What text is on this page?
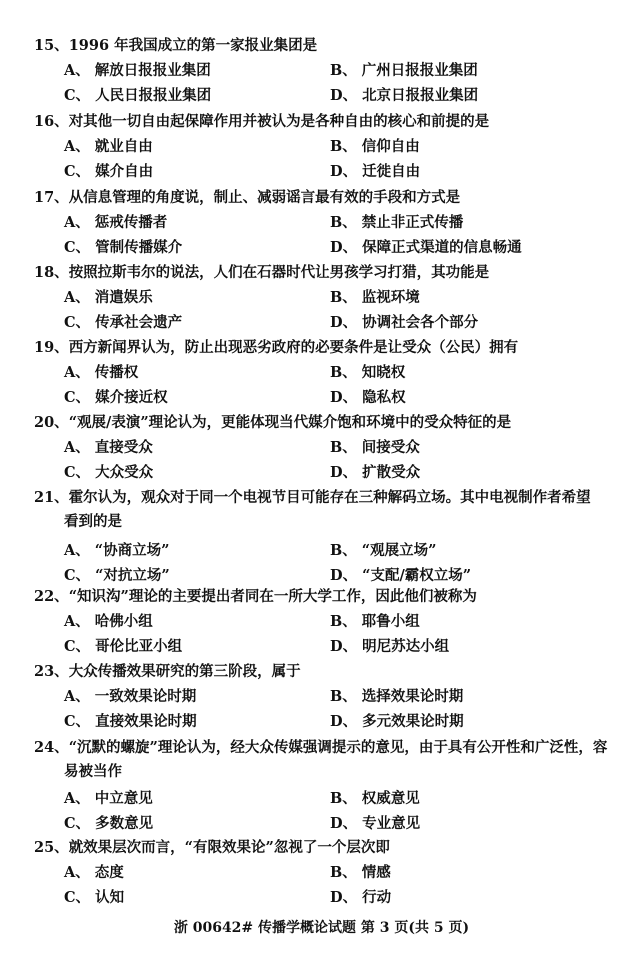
15、1996 年我国成立的第一家报业集团是
A、 解放日报报业集团	B、 广州日报报业集团
C、 人民日报报业集团	D、 北京日报报业集团
16、对其他一切自由起保障作用并被认为是各种自由的核心和前提的是
A、 就业自由	B、 信仰自由
C、 媒介自由	D、 迁徙自由
17、从信息管理的角度说，制止、减弱谣言最有效的手段和方式是
A、 惩戒传播者	B、 禁止非正式传播
C、 管制传播媒介	D、 保障正式渠道的信息畅通
18、按照拉斯韦尔的说法，人们在石器时代让男孩学习打猎，其功能是
A、 消遣娱乐	B、 监视环境
C、 传承社会遗产	D、 协调社会各个部分
19、西方新闻界认为，防止出现恶劣政府的必要条件是让受众（公民）拥有
A、 传播权	B、 知晓权
C、 媒介接近权	D、 隐私权
20、“观展/表演”理论认为，更能体现当代媒介饱和环境中的受众特征的是
A、 直接受众	B、 间接受众
C、 大众受众	D、 扩散受众
21、霍尔认为，观众对于同一个电视节目可能存在三种解码立场。其中电视制作者希望
看到的是
A、 “协商立场”	B、 “观展立场”
C、 “对抗立场”	D、 “支配/霸权立场”
22、“知识沟”理论的主要提出者同在一所大学工作，因此他们被称为
A、 哈佛小组	B、 耶鲁小组
C、 哥伦比亚小组	D、 明尼苏达小组
23、大众传播效果研究的第三阶段，属于
A、 一致效果论时期	B、 选择效果论时期
C、 直接效果论时期	D、 多元效果论时期
24、“沉默的螺旋”理论认为，经大众传媒强调提示的意见，由于具有公开性和广泛性，容
易被当作
A、 中立意见	B、 权威意见
C、 多数意见	D、 专业意见
25、就效果层次而言，“有限效果论”忽视了一个层次即
A、 态度	B、 情感
C、 认知	D、 行动
浙 00642# 传播学概论试题 第 3 页(共 5 页)
